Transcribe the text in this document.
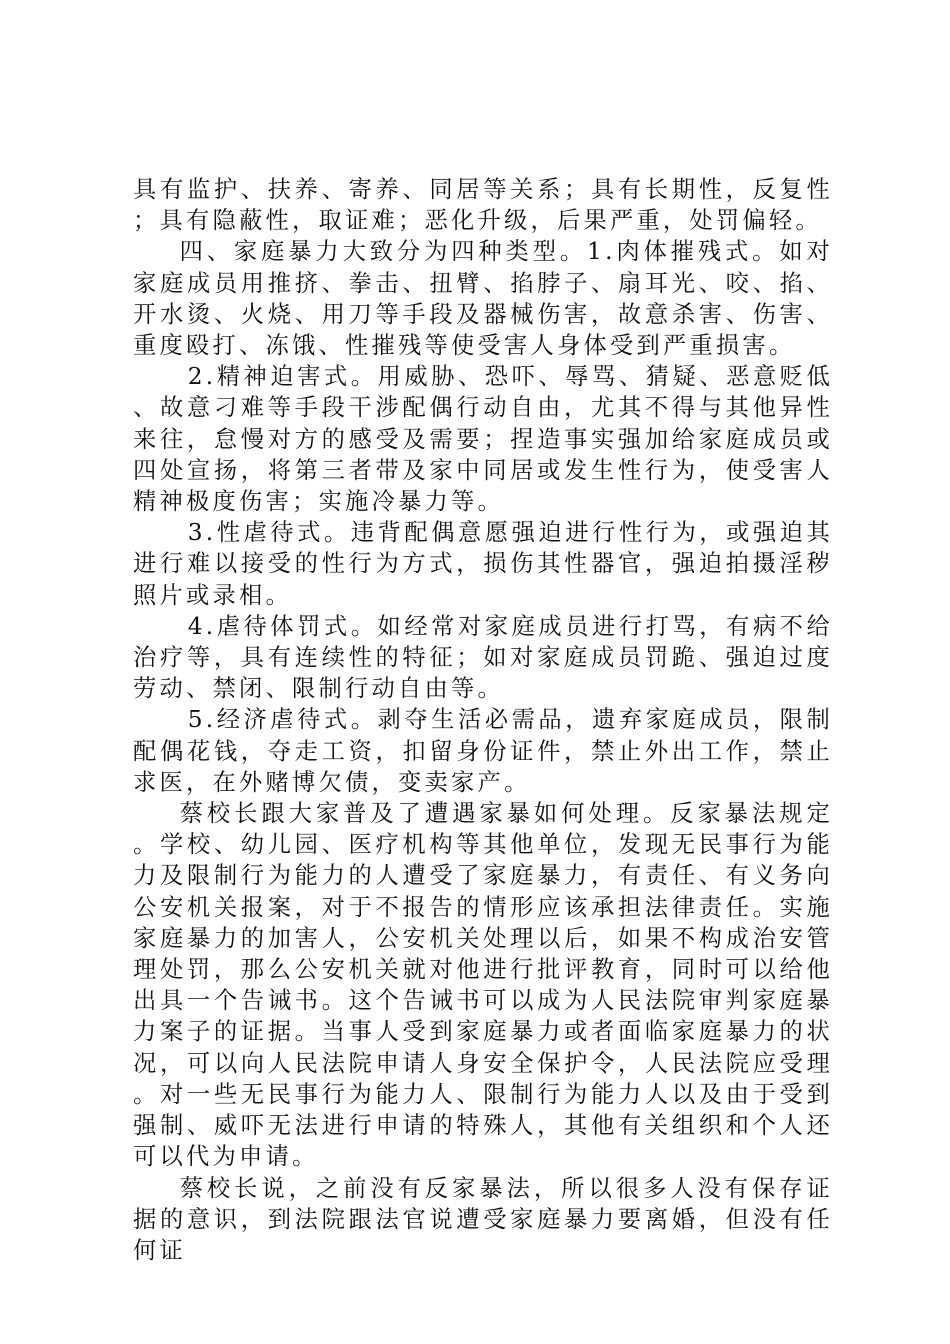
具有监护、扶养、寄养、同居等关系；具有长期性，反复性；具有隐蔽性，取证难；恶化升级，后果严重，处罚偏轻。

四、家庭暴力大致分为四种类型。1.肉体摧残式。如对家庭成员用推挤、拳击、扭臂、掐脖子、扇耳光、咬、掐、开水烫、火烧、用刀等手段及器械伤害，故意杀害、伤害、重度殴打、冻饿、性摧残等使受害人身体受到严重损害。

2.精神迫害式。用威胁、恐吓、辱骂、猜疑、恶意贬低、故意刁难等手段干涉配偶行动自由，尤其不得与其他异性来往，怠慢对方的感受及需要；捏造事实强加给家庭成员或四处宣扬，将第三者带及家中同居或发生性行为，使受害人精神极度伤害；实施冷暴力等。

3.性虐待式。违背配偶意愿强迫进行性行为，或强迫其进行难以接受的性行为方式，损伤其性器官，强迫拍摄淫秽照片或录相。

4.虐待体罚式。如经常对家庭成员进行打骂，有病不给治疗等，具有连续性的特征；如对家庭成员罚跪、强迫过度劳动、禁闭、限制行动自由等。

5.经济虐待式。剥夺生活必需品，遗弃家庭成员，限制配偶花钱，夺走工资，扣留身份证件，禁止外出工作，禁止求医，在外赌博欠债，变卖家产。

蔡校长跟大家普及了遭遇家暴如何处理。反家暴法规定。学校、幼儿园、医疗机构等其他单位，发现无民事行为能力及限制行为能力的人遭受了家庭暴力，有责任、有义务向公安机关报案，对于不报告的情形应该承担法律责任。实施家庭暴力的加害人，公安机关处理以后，如果不构成治安管理处罚，那么公安机关就对他进行批评教育，同时可以给他出具一个告诫书。这个告诫书可以成为人民法院审判家庭暴力案子的证据。当事人受到家庭暴力或者面临家庭暴力的状况，可以向人民法院申请人身安全保护令，人民法院应受理。对一些无民事行为能力人、限制行为能力人以及由于受到强制、威吓无法进行申请的特殊人，其他有关组织和个人还可以代为申请。

蔡校长说，之前没有反家暴法，所以很多人没有保存证据的意识，到法院跟法官说遭受家庭暴力要离婚，但没有任何证
